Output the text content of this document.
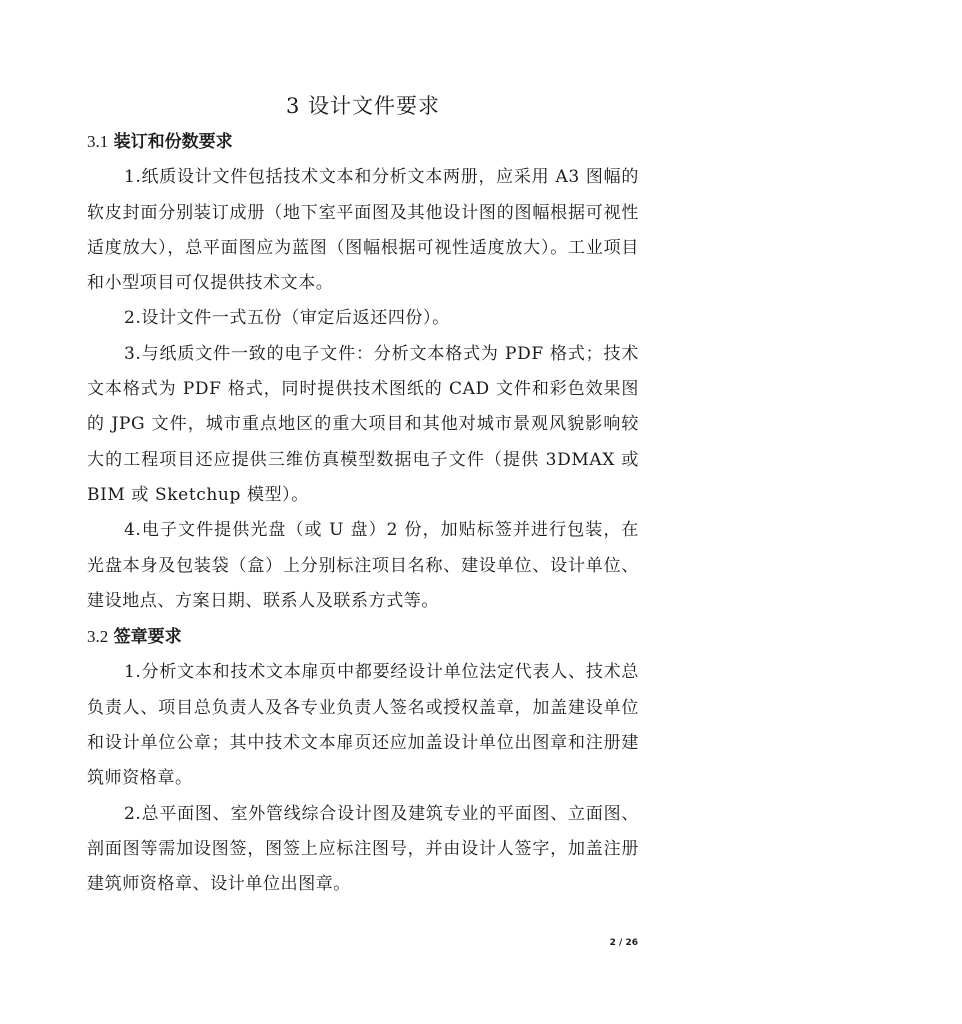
3 设计文件要求

3.1 装订和份数要求

1.纸质设计文件包括技术文本和分析文本两册，应采用 A3 图幅的软皮封面分别装订成册（地下室平面图及其他设计图的图幅根据可视性适度放大），总平面图应为蓝图（图幅根据可视性适度放大）。工业项目和小型项目可仅提供技术文本。

2.设计文件一式五份（审定后返还四份）。

3.与纸质文件一致的电子文件：分析文本格式为 PDF 格式；技术文本格式为 PDF 格式，同时提供技术图纸的 CAD 文件和彩色效果图的 JPG 文件，城市重点地区的重大项目和其他对城市景观风貌影响较大的工程项目还应提供三维仿真模型数据电子文件（提供 3DMAX 或 BIM 或 Sketchup 模型）。

4.电子文件提供光盘（或 U 盘）2 份，加贴标签并进行包装，在光盘本身及包装袋（盒）上分别标注项目名称、建设单位、设计单位、建设地点、方案日期、联系人及联系方式等。

3.2 签章要求

1.分析文本和技术文本扉页中都要经设计单位法定代表人、技术总负责人、项目总负责人及各专业负责人签名或授权盖章，加盖建设单位和设计单位公章；其中技术文本扉页还应加盖设计单位出图章和注册建筑师资格章。

2.总平面图、室外管线综合设计图及建筑专业的平面图、立面图、剖面图等需加设图签，图签上应标注图号，并由设计人签字，加盖注册建筑师资格章、设计单位出图章。

2 / 26
